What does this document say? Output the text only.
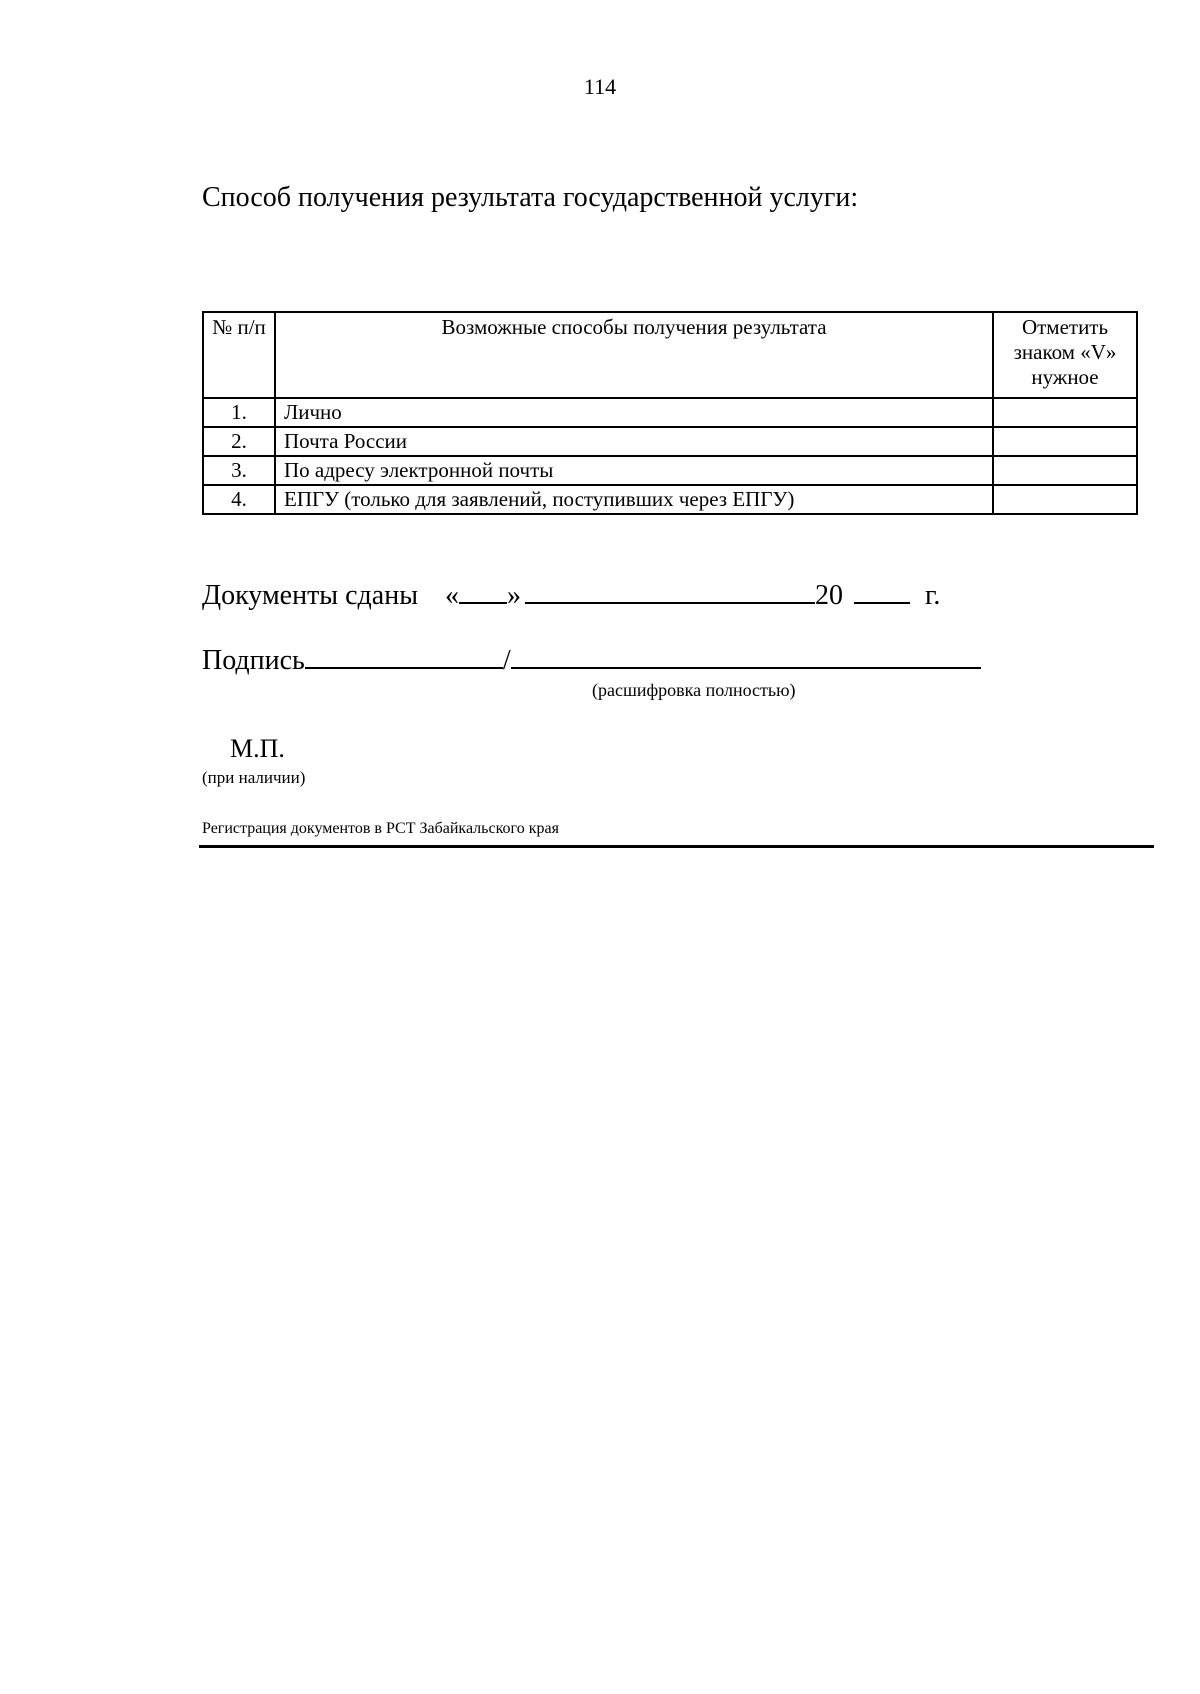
114
Способ получения результата государственной услуги:
№ п/п	Возможные способы получения результата	Отметить знаком «V» нужное
1.	Лично	
2.	Почта России	
3.	По адресу электронной почты	
4.	ЕПГУ (только для заявлений, поступивших через ЕПГУ)	
Документы сданы « »	20	г.
Подпись	/
(расшифровка полностью)
М.П.
(при наличии)
Регистрация документов в РСТ Забайкальского края
